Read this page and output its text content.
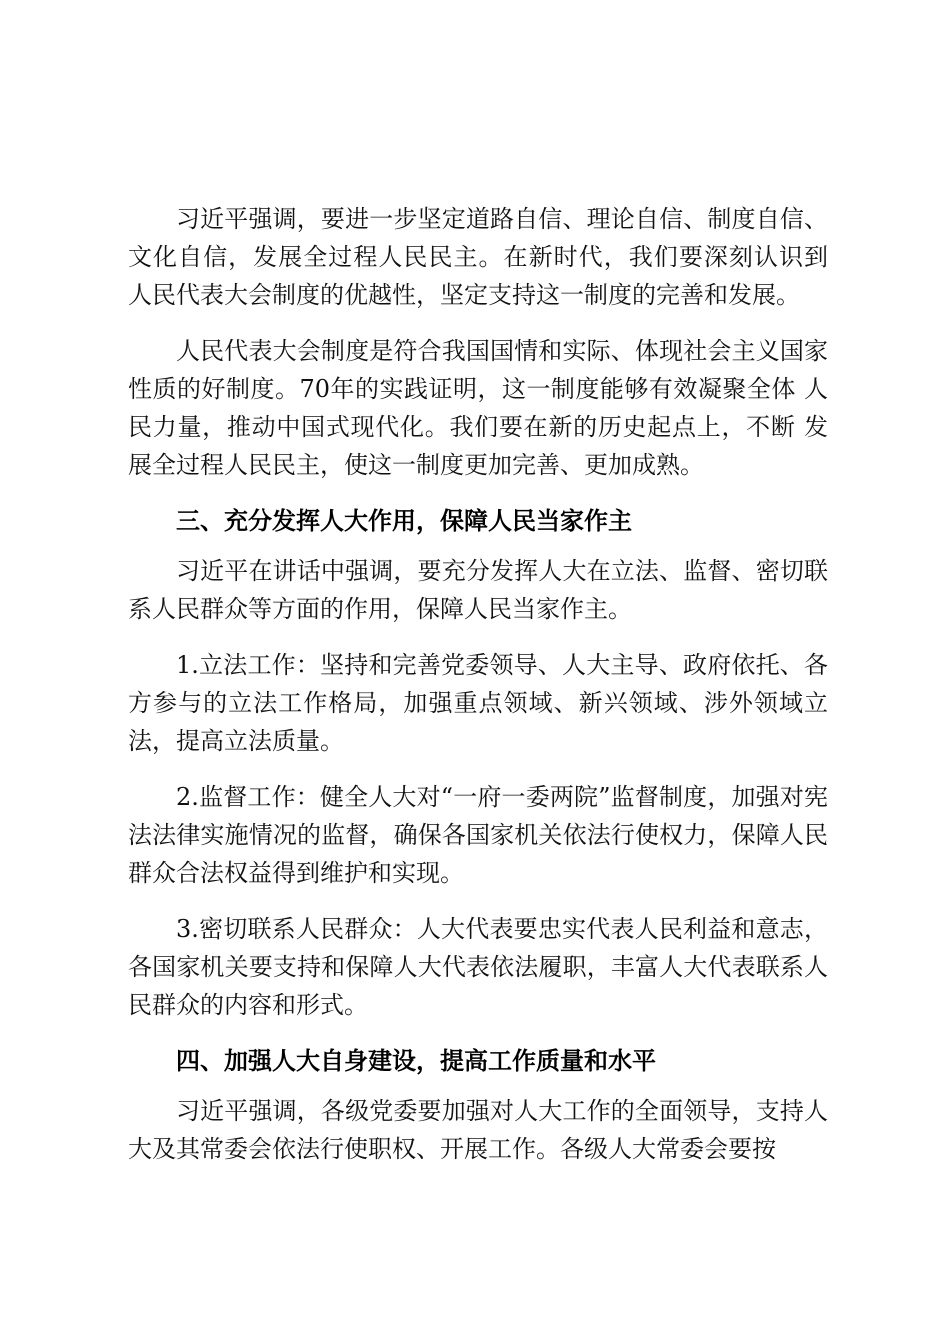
习近平强调，要进一步坚定道路自信、理论自信、制度自信、 文化自信，发展全过程人民民主。在新时代，我们要深刻认识到 人民代表大会制度的优越性，坚定支持这一制度的完善和发展。

人民代表大会制度是符合我国国情和实际、体现社会主义国家性质的好制度。70年的实践证明，这一制度能够有效凝聚全体 人民力量，推动中国式现代化。我们要在新的历史起点上，不断 发展全过程人民民主，使这一制度更加完善、更加成熟。

三、充分发挥人大作用，保障人民当家作主

习近平在讲话中强调，要充分发挥人大在立法、监督、密切联系人民群众等方面的作用，保障人民当家作主。

1.立法工作：坚持和完善党委领导、人大主导、政府依托、各方参与的立法工作格局，加强重点领域、新兴领域、涉外领域立法，提高立法质量。

2.监督工作：健全人大对“一府一委两院”监督制度，加强对宪法法律实施情况的监督，确保各国家机关依法行使权力，保障人民群众合法权益得到维护和实现。

3.密切联系人民群众：人大代表要忠实代表人民利益和意志，各国家机关要支持和保障人大代表依法履职，丰富人大代表联系人民群众的内容和形式。

四、加强人大自身建设，提高工作质量和水平

习近平强调，各级党委要加强对人大工作的全面领导，支持人大及其常委会依法行使职权、开展工作。各级人大常委会要按
